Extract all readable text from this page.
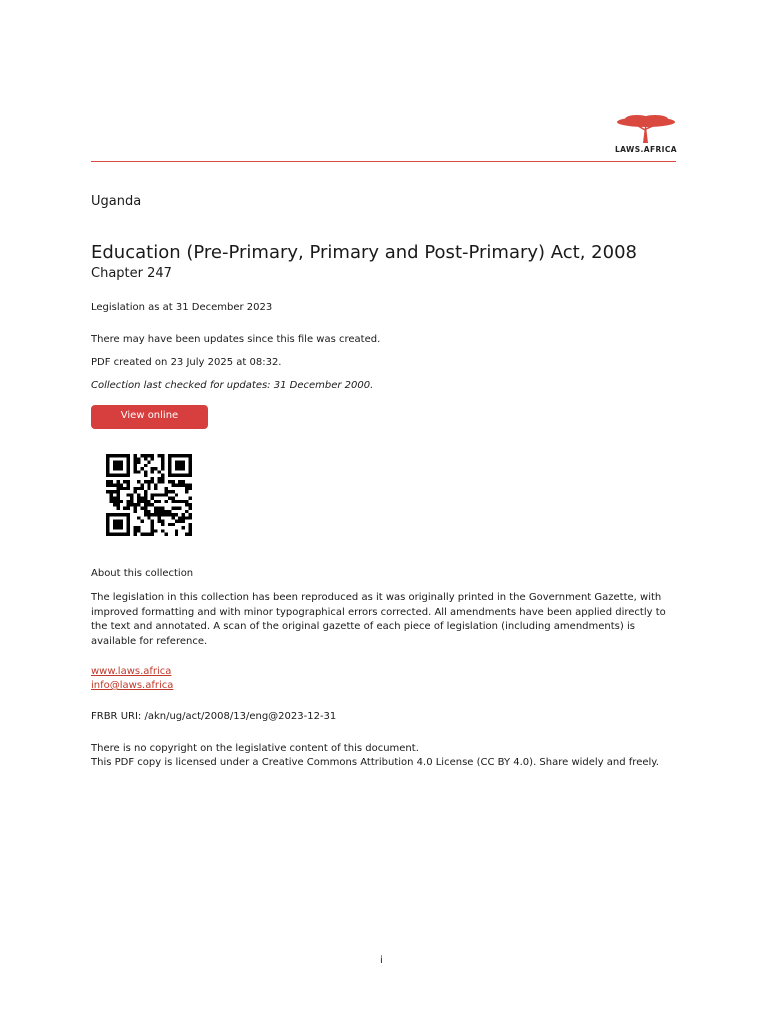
LAWS.AFRICA
Uganda
Education (Pre-Primary, Primary and Post-Primary) Act, 2008
Chapter 247
Legislation as at 31 December 2023
There may have been updates since this file was created.
PDF created on 23 July 2025 at 08:32.
Collection last checked for updates: 31 December 2000.
View online
About this collection
The legislation in this collection has been reproduced as it was originally printed in the Government Gazette, with improved formatting and with minor typographical errors corrected. All amendments have been applied directly to the text and annotated. A scan of the original gazette of each piece of legislation (including amendments) is available for reference.
www.laws.africa
info@laws.africa
FRBR URI: /akn/ug/act/2008/13/eng@2023-12-31
There is no copyright on the legislative content of this document.
This PDF copy is licensed under a Creative Commons Attribution 4.0 License (CC BY 4.0). Share widely and freely.
i
